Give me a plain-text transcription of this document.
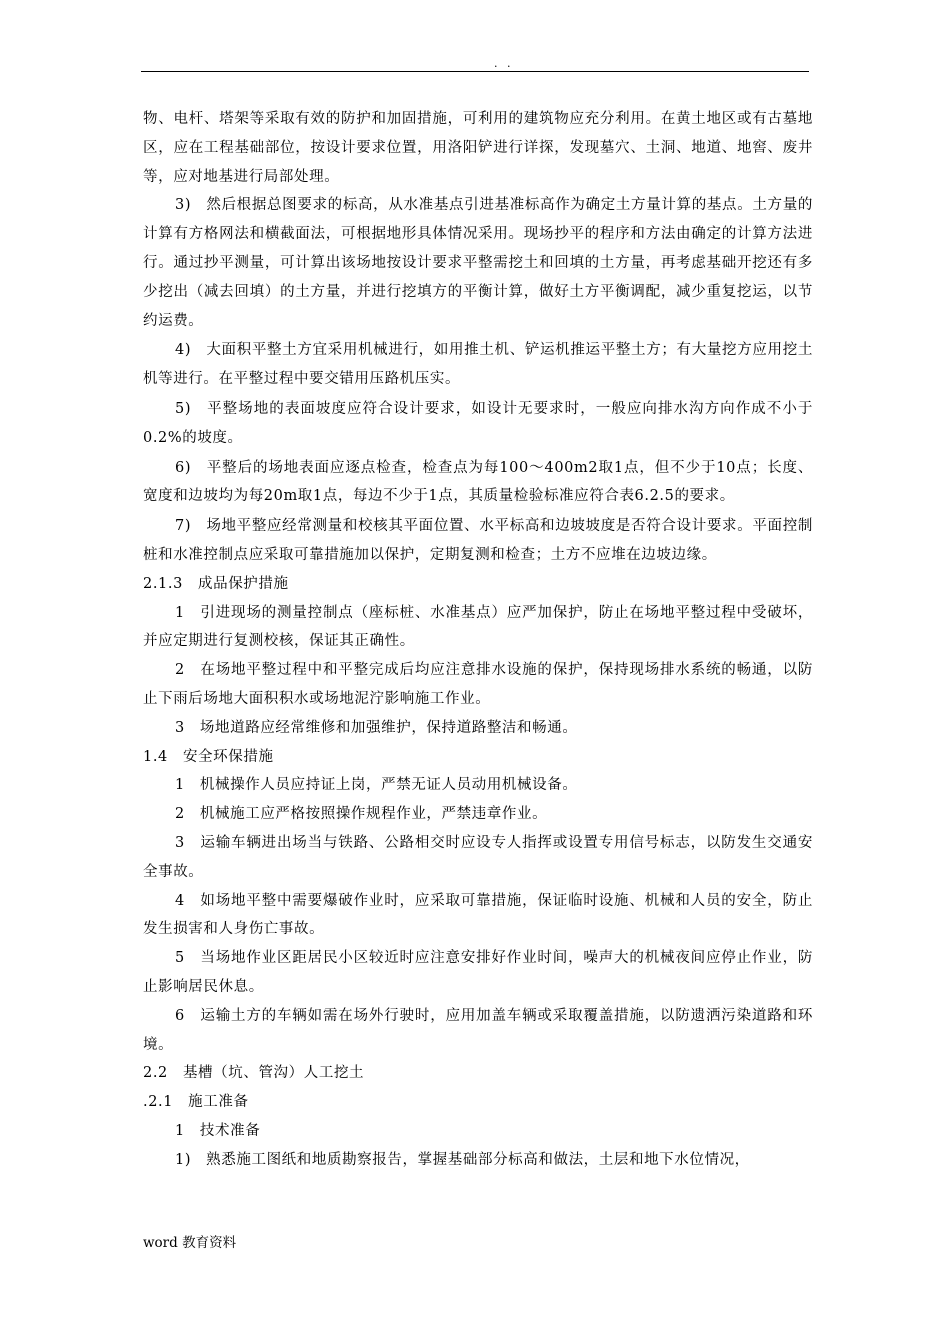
. .

物、电杆、塔架等采取有效的防护和加固措施，可利用的建筑物应充分利用。在黄土地区或有古墓地区，应在工程基础部位，按设计要求位置，用洛阳铲进行详探，发现墓穴、土洞、地道、地窖、废井等，应对地基进行局部处理。

3)　然后根据总图要求的标高，从水准基点引进基准标高作为确定土方量计算的基点。土方量的计算有方格网法和横截面法，可根据地形具体情况采用。现场抄平的程序和方法由确定的计算方法进行。通过抄平测量，可计算出该场地按设计要求平整需挖土和回填的土方量，再考虑基础开挖还有多少挖出（减去回填）的土方量，并进行挖填方的平衡计算，做好土方平衡调配，减少重复挖运，以节约运费。

4)　大面积平整土方宜采用机械进行，如用推土机、铲运机推运平整土方；有大量挖方应用挖土机等进行。在平整过程中要交错用压路机压实。

5)　平整场地的表面坡度应符合设计要求，如设计无要求时，一般应向排水沟方向作成不小于0.2%的坡度。

6)　平整后的场地表面应逐点检查，检查点为每100～400m2取1点，但不少于10点；长度、宽度和边坡均为每20m取1点，每边不少于1点，其质量检验标准应符合表6.2.5的要求。

7)　场地平整应经常测量和校核其平面位置、水平标高和边坡坡度是否符合设计要求。平面控制桩和水准控制点应采取可靠措施加以保护，定期复测和检查；土方不应堆在边坡边缘。

2.1.3　成品保护措施

1　引进现场的测量控制点（座标桩、水准基点）应严加保护，防止在场地平整过程中受破坏，并应定期进行复测校核，保证其正确性。

2　在场地平整过程中和平整完成后均应注意排水设施的保护，保持现场排水系统的畅通，以防止下雨后场地大面积积水或场地泥泞影响施工作业。

3　场地道路应经常维修和加强维护，保持道路整洁和畅通。

1.4　安全环保措施

1　机械操作人员应持证上岗，严禁无证人员动用机械设备。

2　机械施工应严格按照操作规程作业，严禁违章作业。

3　运输车辆进出场当与铁路、公路相交时应设专人指挥或设置专用信号标志，以防发生交通安全事故。

4　如场地平整中需要爆破作业时，应采取可靠措施，保证临时设施、机械和人员的安全，防止发生损害和人身伤亡事故。

5　当场地作业区距居民小区较近时应注意安排好作业时间，噪声大的机械夜间应停止作业，防止影响居民休息。

6　运输土方的车辆如需在场外行驶时，应用加盖车辆或采取覆盖措施，以防遗洒污染道路和环境。

2.2　基槽（坑、管沟）人工挖土

.2.1　施工准备

1　技术准备

1)　熟悉施工图纸和地质勘察报告，掌握基础部分标高和做法，土层和地下水位情况，

word 教育资料
